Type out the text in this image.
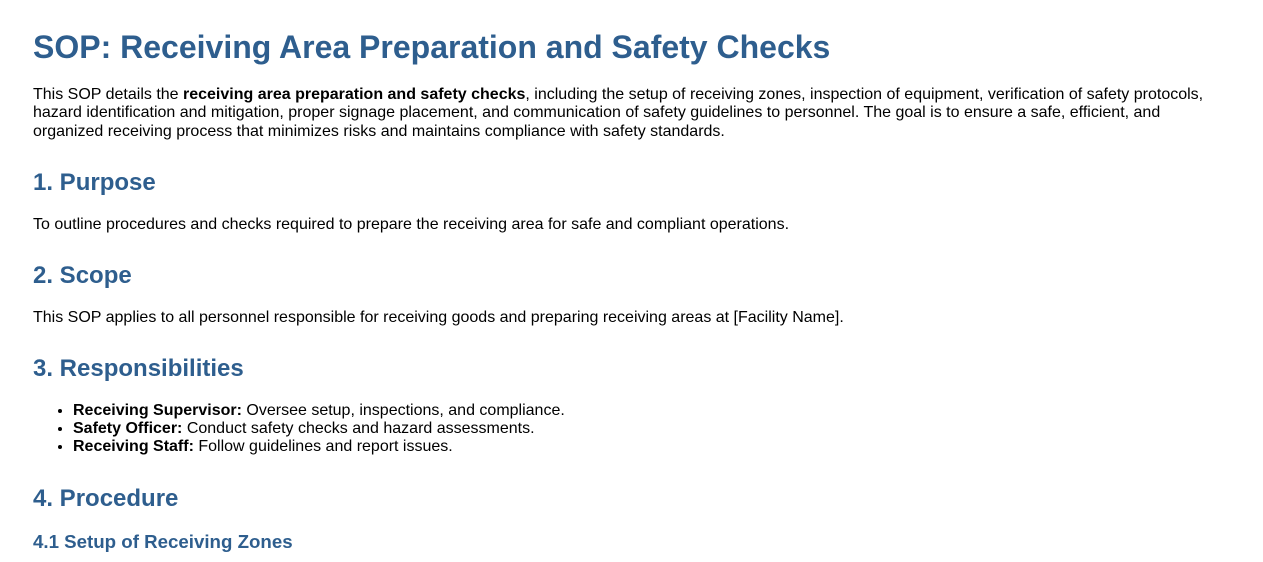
SOP: Receiving Area Preparation and Safety Checks

This SOP details the receiving area preparation and safety checks, including the setup of receiving zones, inspection of equipment, verification of safety protocols, hazard identification and mitigation, proper signage placement, and communication of safety guidelines to personnel. The goal is to ensure a safe, efficient, and organized receiving process that minimizes risks and maintains compliance with safety standards.

1. Purpose

To outline procedures and checks required to prepare the receiving area for safe and compliant operations.

2. Scope

This SOP applies to all personnel responsible for receiving goods and preparing receiving areas at [Facility Name].

3. Responsibilities
• Receiving Supervisor: Oversee setup, inspections, and compliance.
• Safety Officer: Conduct safety checks and hazard assessments.
• Receiving Staff: Follow guidelines and report issues.
4. Procedure
4.1 Setup of Receiving Zones
